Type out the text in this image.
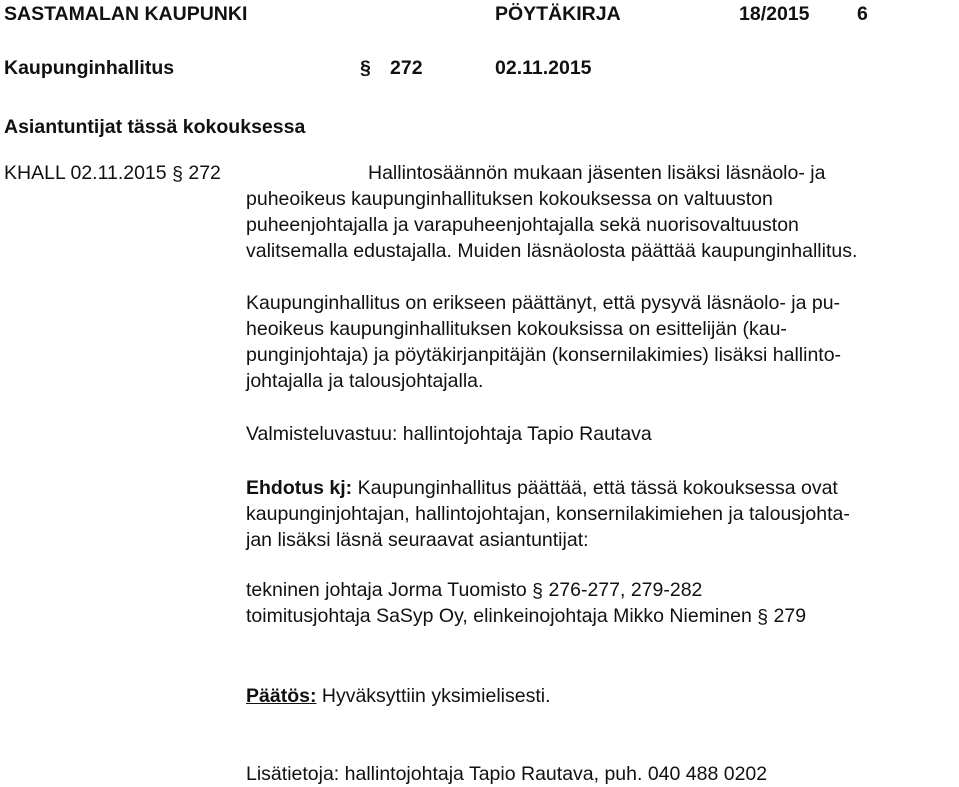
SASTAMALAN KAUPUNKI	PÖYTÄKIRJA	18/2015 6
Kaupunginhallitus	§ 272	02.11.2015
Asiantuntijat tässä kokouksessa
KHALL 02.11.2015 § 272	Hallintosäännön mukaan jäsenten lisäksi läsnäolo- ja
puheoikeus kaupunginhallituksen kokouksessa on valtuuston
puheenjohtajalla ja varapuheenjohtajalla sekä nuorisovaltuuston
valitsemalla edustajalla. Muiden läsnäolosta päättää kaupunginhallitus.
Kaupunginhallitus on erikseen päättänyt, että pysyvä läsnäolo- ja pu-
heoikeus kaupunginhallituksen kokouksissa on esittelijän (kau-
punginjohtaja) ja pöytäkirjanpitäjän (konsernilakimies) lisäksi hallinto-
johtajalla ja talousjohtajalla.
Valmisteluvastuu: hallintojohtaja Tapio Rautava
Ehdotus kj: Kaupunginhallitus päättää, että tässä kokouksessa ovat
kaupunginjohtajan, hallintojohtajan, konsernilakimiehen ja talousjohta-
jan lisäksi läsnä seuraavat asiantuntijat:
tekninen johtaja Jorma Tuomisto § 276-277, 279-282
toimitusjohtaja SaSyp Oy, elinkeinojohtaja Mikko Nieminen § 279
Päätös: Hyväksyttiin yksimielisesti.
Lisätietoja: hallintojohtaja Tapio Rautava, puh. 040 488 0202
